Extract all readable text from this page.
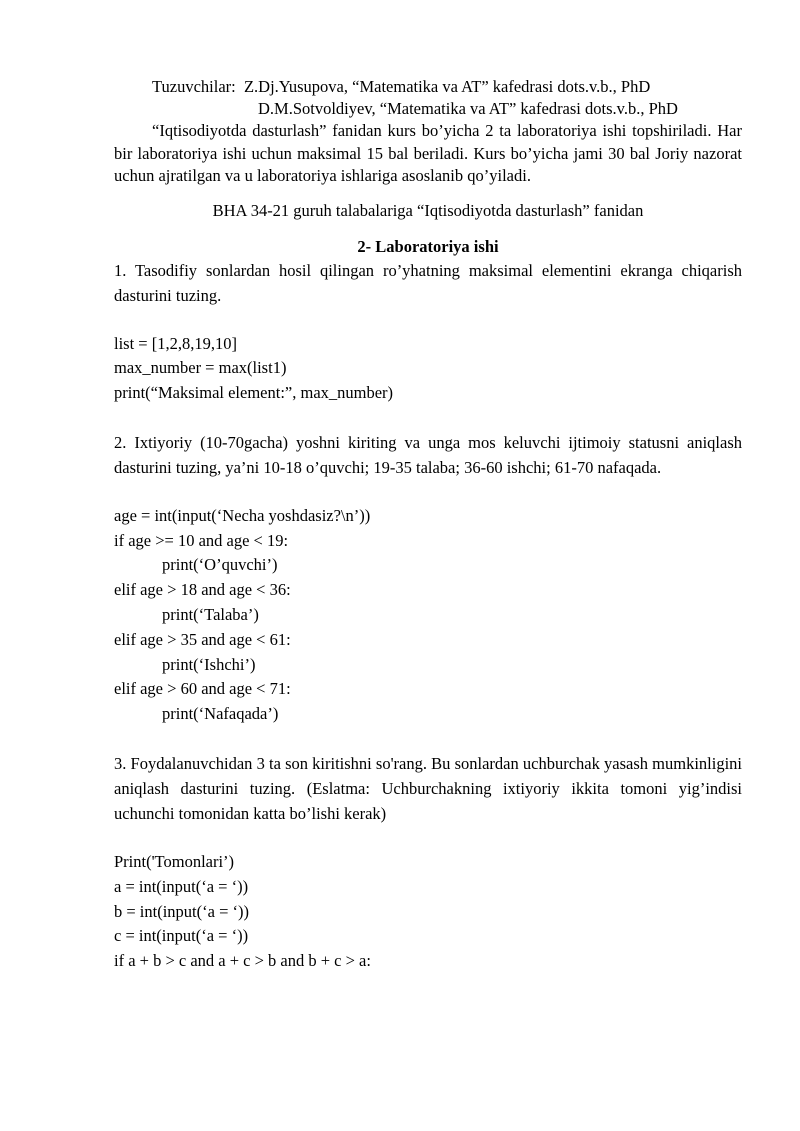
Tuzuvchilar: Z.Dj.Yusupova, “Matematika va AT” kafedrasi dots.v.b., PhD
D.M.Sotvoldiyev, “Matematika va AT” kafedrasi dots.v.b., PhD
“Iqtisodiyotda dasturlash” fanidan kurs bo’yicha 2 ta laboratoriya ishi topshiriladi. Har bir laboratoriya ishi uchun maksimal 15 bal beriladi. Kurs bo’yicha jami 30 bal Joriy nazorat uchun ajratilgan va u laboratoriya ishlariga asoslanib qo’yiladi.
BHA 34-21 guruh talabalariga “Iqtisodiyotda dasturlash” fanidan
2- Laboratoriya ishi
1. Tasodifiy sonlardan hosil qilingan ro’yhatning maksimal elementini ekranga chiqarish dasturini tuzing.
list = [1,2,8,19,10]
max_number = max(list1)
print(“Maksimal element:”, max_number)
2. Ixtiyoriy (10-70gacha) yoshni kiriting va unga mos keluvchi ijtimoiy statusni aniqlash dasturini tuzing, ya’ni 10-18 o’quvchi; 19-35 talaba; 36-60 ishchi; 61-70 nafaqada.
age = int(input(‘Necha yoshdasiz?\n’))
if age >= 10 and age < 19:
print(‘O’quvchi’)
elif age > 18 and age < 36:
print(‘Talaba’)
elif age > 35 and age < 61:
print(‘Ishchi’)
elif age > 60 and age < 71:
print(‘Nafaqada’)
3. Foydalanuvchidan 3 ta son kiritishni so'rang. Bu sonlardan uchburchak yasash mumkinligini aniqlash dasturini tuzing. (Eslatma: Uchburchakning ixtiyoriy ikkita tomoni yig’indisi uchunchi tomonidan katta bo’lishi kerak)
Print('Tomonlari’)
a = int(input(‘a = ‘))
b = int(input(‘a = ‘))
c = int(input(‘a = ‘))
if a + b > c and a + c > b and b + c > a:
